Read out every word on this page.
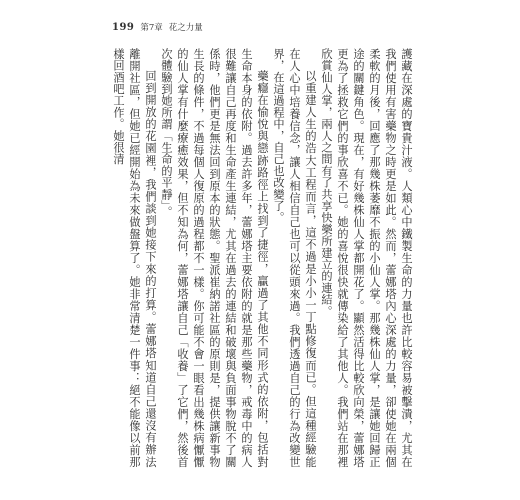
199 第7章 花之力量

護藏在深處的寶貴汁液。人類心中鐵製生命的力量也許比較容易被擊潰，尤其在我們使用有害藥物之時更是如此。然而，蕾娜塔內心深處的力量，卻使她在兩個柔軟的月後，回應了那幾株萎靡不振的小仙人掌。那幾株仙人掌，是讓她回歸正途的關鍵角色。現在，有好幾株仙人掌都開花了。顯然活得比較欣向榮，蕾娜塔更為了拯救它們的事欣喜不已。她的喜悅很快就傳染給了其他人。我們站在那裡欣賞仙人掌，兩人之間有了共享快樂所建立的連結。

以重建人生的浩大工程而言，這不過是小小一丁點修復而已。但這種經驗能在人心中培養信念，讓人相信自己也可以從頭來過。我們透過自己的行為改變世界，在這過程中，自己也改變了。

藥癮在愉悅與戀跡路徑上找到了捷徑，贏過了其他不同形式的依附，包括對生命本身的依附。過去許多年，蕾娜塔主要依附的就是那些藥物，戒毒中的病人很難讓自己再度和生命產生連結，尤其在過去的連結和破壞與負面事物脫不了關係時，他們更是無法回到原本的狀態。聖派崔納諾社區的原則是，提供讓新事物生長的條件，不過每個人復原的過程都不一樣。你可能不會一眼看出幾株病懨懨的仙人掌有什麼療癒效果，但不知為何，蕾娜塔讓自己「收養」了它們，然後首次體驗到她所謂「生命的平靜」。

回到開放的花園裡，我們談到她接下來的打算。蕾娜塔知道自己還沒有辦法離開社區，但她已經開始為未來做盤算了。她非常清楚一件事：絕不能像以前那樣回酒吧工作。她很清
